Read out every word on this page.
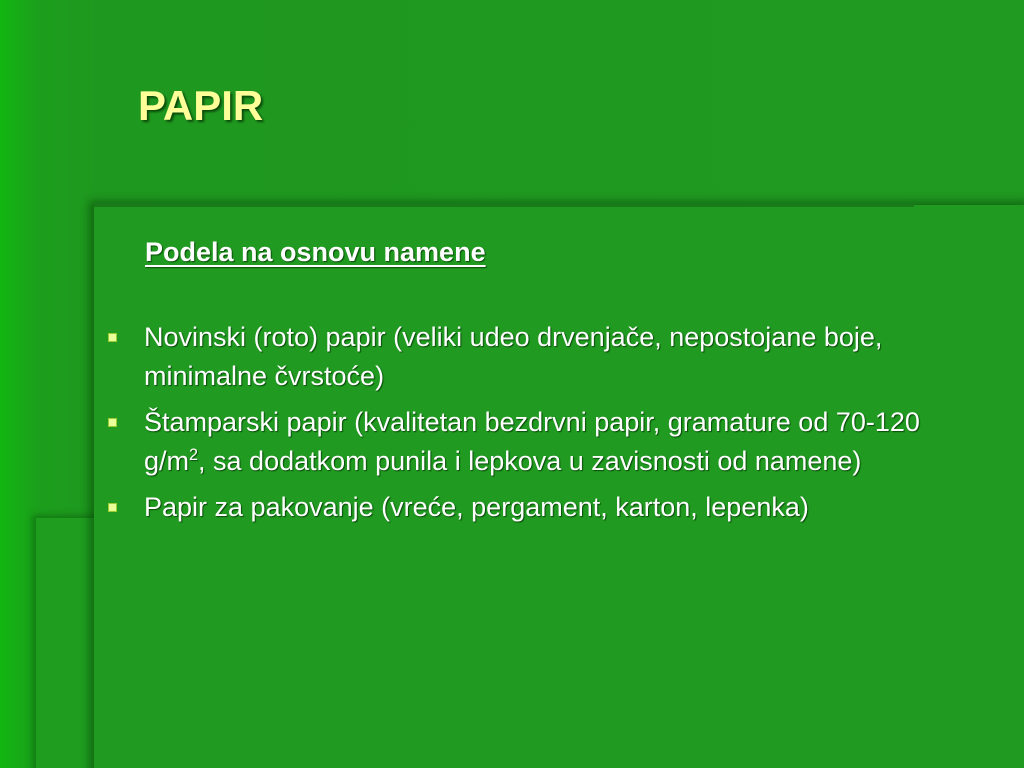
PAPIR
Podela na osnovu namene
Novinski (roto) papir (veliki udeo drvenjače, nepostojane boje, minimalne čvrstoće)
Štamparski papir (kvalitetan bezdrvni papir, gramature od 70-120 $g/m^2$, sa dodatkom punila i lepkova u zavisnosti od namene)
Papir za pakovanje (vreće, pergament, karton, lepenka)
